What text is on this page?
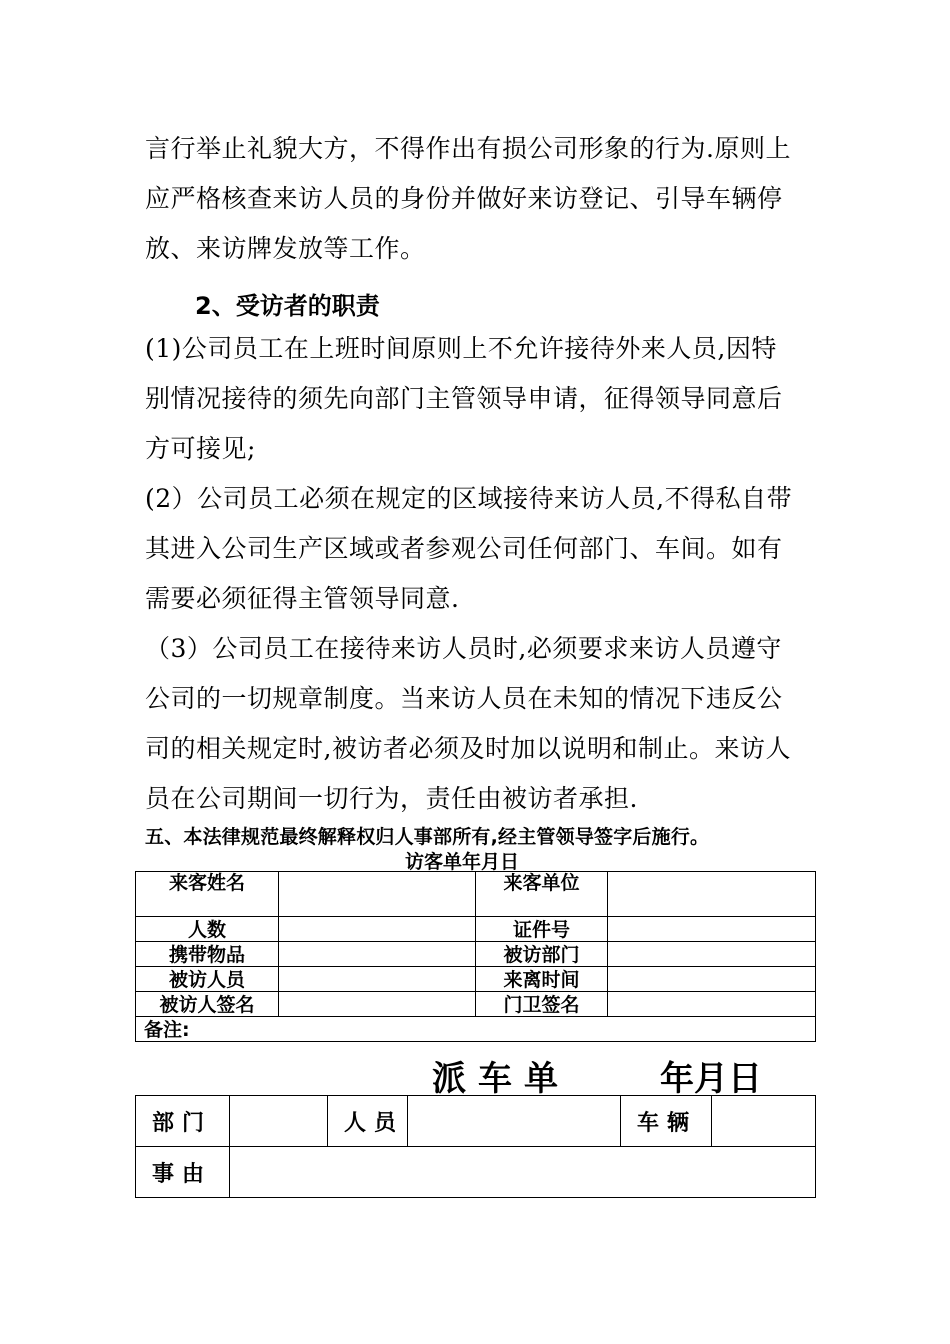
言行举止礼貌大方，不得作出有损公司形象的行为.原则上
应严格核查来访人员的身份并做好来访登记、引导车辆停
放、来访牌发放等工作。
2、受访者的职责
(1)公司员工在上班时间原则上不允许接待外来人员,因特
别情况接待的须先向部门主管领导申请，征得领导同意后
方可接见;
(2）公司员工必须在规定的区域接待来访人员,不得私自带
其进入公司生产区域或者参观公司任何部门、车间。如有
需要必须征得主管领导同意.
（3）公司员工在接待来访人员时,必须要求来访人员遵守
公司的一切规章制度。当来访人员在未知的情况下违反公
司的相关规定时,被访者必须及时加以说明和制止。来访人
员在公司期间一切行为，责任由被访者承担.
五、本法律规范最终解释权归人事部所有,经主管领导签字后施行。
访客单年月日
来客姓名		来客单位	
人数		证件号	
携带物品		被访部门	
被访人员		来离时间	
被访人签名		门卫签名	
备注:			
派车单	年月日
部门		人员		车辆	
事由					
